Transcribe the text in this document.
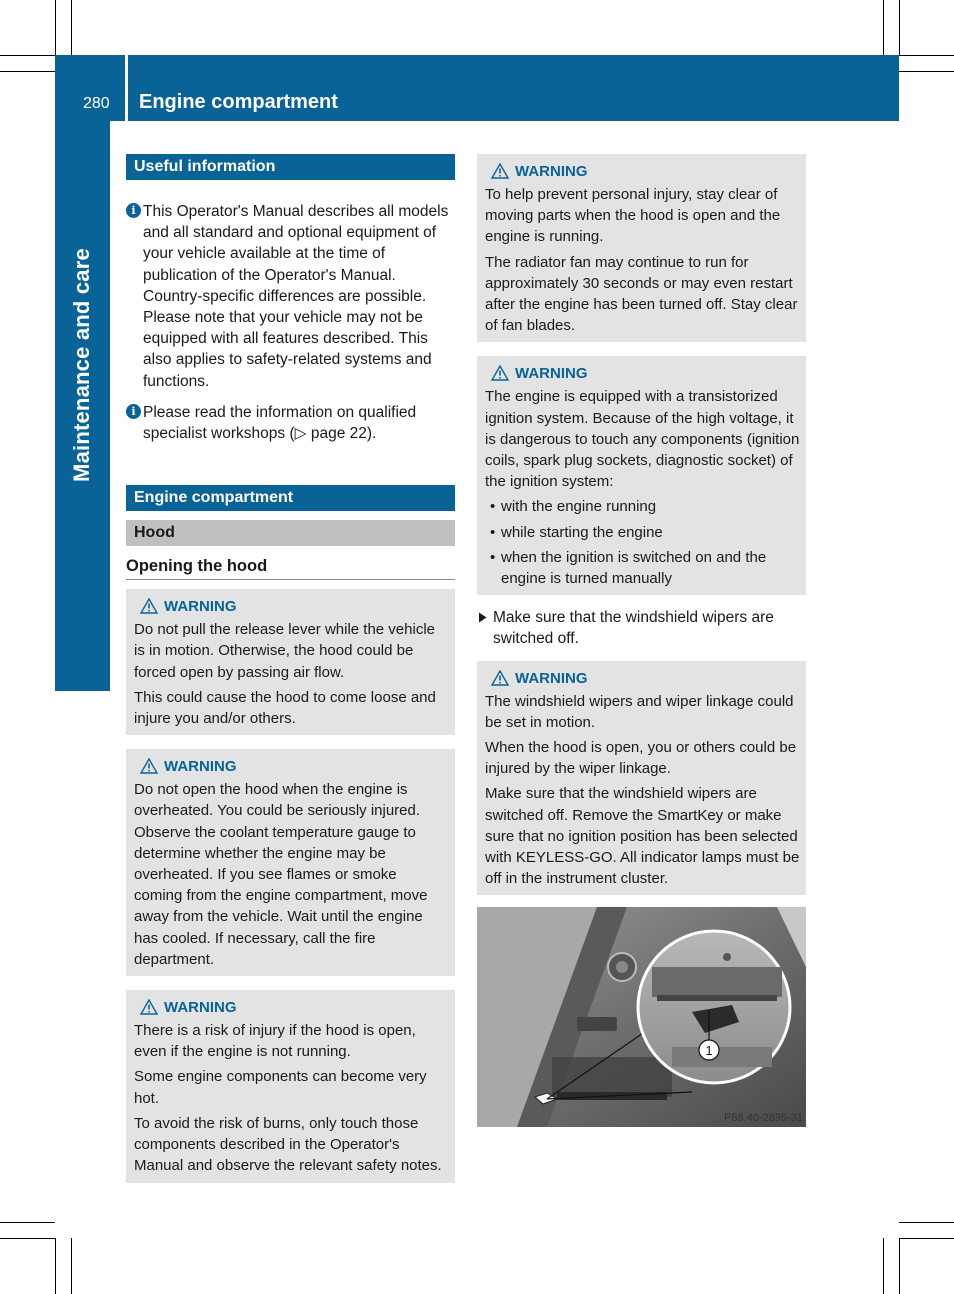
280 Engine compartment
Maintenance and care
Useful information
i This Operator's Manual describes all models and all standard and optional equipment of your vehicle available at the time of publication of the Operator's Manual. Country-specific differences are possible. Please note that your vehicle may not be equipped with all features described. This also applies to safety-related systems and functions.
i Please read the information on qualified specialist workshops (▷ page 22).
Engine compartment
Hood
Opening the hood
WARNING

Do not pull the release lever while the vehicle is in motion. Otherwise, the hood could be forced open by passing air flow.

This could cause the hood to come loose and injure you and/or others.

WARNING

Do not open the hood when the engine is overheated. You could be seriously injured. Observe the coolant temperature gauge to determine whether the engine may be overheated. If you see flames or smoke coming from the engine compartment, move away from the vehicle. Wait until the engine has cooled. If necessary, call the fire department.

WARNING

There is a risk of injury if the hood is open, even if the engine is not running.

Some engine components can become very hot.

To avoid the risk of burns, only touch those components described in the Operator's Manual and observe the relevant safety notes.

WARNING

To help prevent personal injury, stay clear of moving parts when the hood is open and the engine is running.

The radiator fan may continue to run for approximately 30 seconds or may even restart after the engine has been turned off. Stay clear of fan blades.

WARNING

The engine is equipped with a transistorized ignition system. Because of the high voltage, it is dangerous to touch any components (ignition coils, spark plug sockets, diagnostic socket) of the ignition system:

• with the engine running
• while starting the engine
• when the ignition is switched on and the engine is turned manually
Make sure that the windshield wipers are switched off.
WARNING

The windshield wipers and wiper linkage could be set in motion.

When the hood is open, you or others could be injured by the wiper linkage.

Make sure that the windshield wipers are switched off. Remove the SmartKey or make sure that no ignition position has been selected with KEYLESS-GO. All indicator lamps must be off in the instrument cluster.

1
P88.40-2895-31
